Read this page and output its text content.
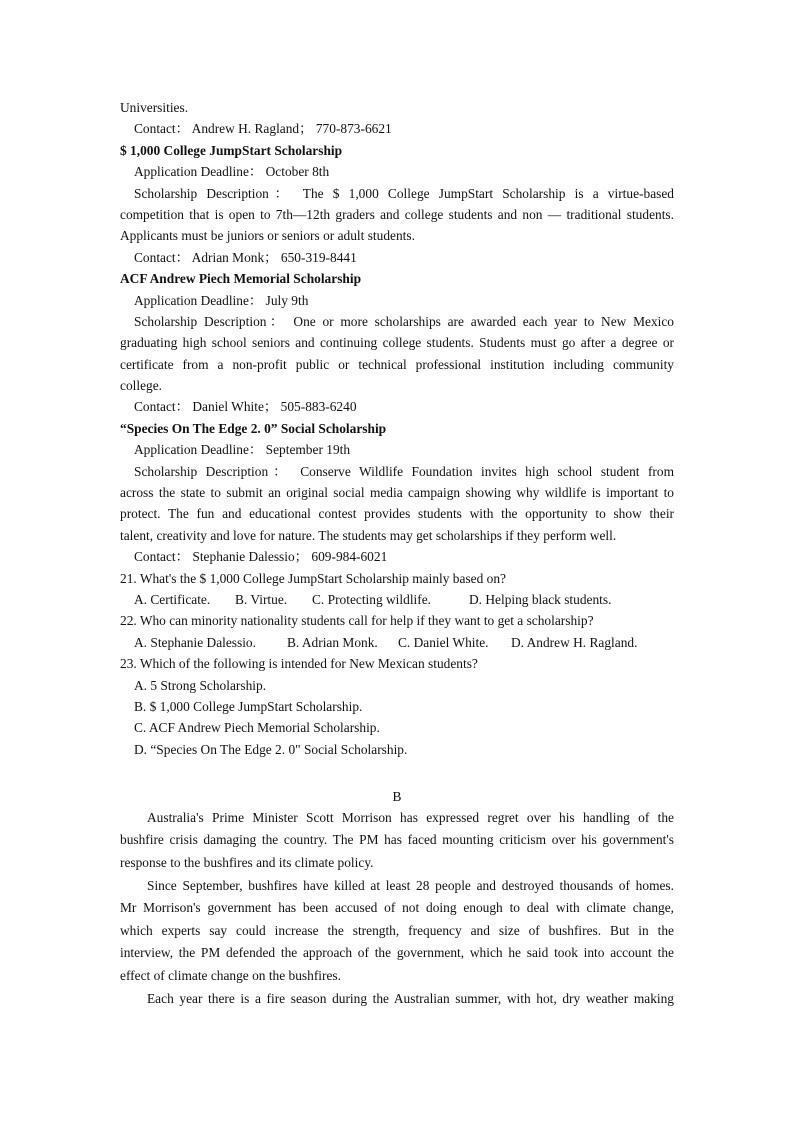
Universities.
Contact： Andrew H. Ragland； 770-873-6621
$ 1,000 College JumpStart Scholarship
Application Deadline： October 8th
Scholarship Description： The $ 1,000 College JumpStart Scholarship is a virtue-based
competition that is open to 7th—12th graders and college students and non — traditional students.
Applicants must be juniors or seniors or adult students.
Contact： Adrian Monk； 650-319-8441
ACF Andrew Piech Memorial Scholarship
Application Deadline： July 9th
Scholarship Description： One or more scholarships are awarded each year to New Mexico
graduating high school seniors and continuing college students. Students must go after a degree or
certificate from a non-profit public or technical professional institution including community
college.
Contact： Daniel White； 505-883-6240
“Species On The Edge 2. 0” Social Scholarship
Application Deadline： September 19th
Scholarship Description： Conserve Wildlife Foundation invites high school student from
across the state to submit an original social media campaign showing why wildlife is important to
protect. The fun and educational contest provides students with the opportunity to show their
talent, creativity and love for nature. The students may get scholarships if they perform well.
Contact： Stephanie Dalessio； 609-984-6021
21. What's the $ 1,000 College JumpStart Scholarship mainly based on?
A. Certificate. B. Virtue. C. Protecting wildlife.	D. Helping black students.
22. Who can minority nationality students call for help if they want to get a scholarship?
A. Stephanie Dalessio. B. Adrian Monk. C. Daniel White. D. Andrew H. Ragland.
23. Which of the following is intended for New Mexican students?
A. 5 Strong Scholarship.
B. $ 1,000 College JumpStart Scholarship.
C. ACF Andrew Piech Memorial Scholarship.
D. “Species On The Edge 2. 0" Social Scholarship.
B
Australia's Prime Minister Scott Morrison has expressed regret over his handling of the
bushfire crisis damaging the country. The PM has faced mounting criticism over his government's
response to the bushfires and its climate policy.
Since September, bushfires have killed at least 28 people and destroyed thousands of homes.
Mr Morrison's government has been accused of not doing enough to deal with climate change,
which experts say could increase the strength, frequency and size of bushfires. But in the
interview, the PM defended the approach of the government, which he said took into account the
effect of climate change on the bushfires.
Each year there is a fire season during the Australian summer, with hot, dry weather making
